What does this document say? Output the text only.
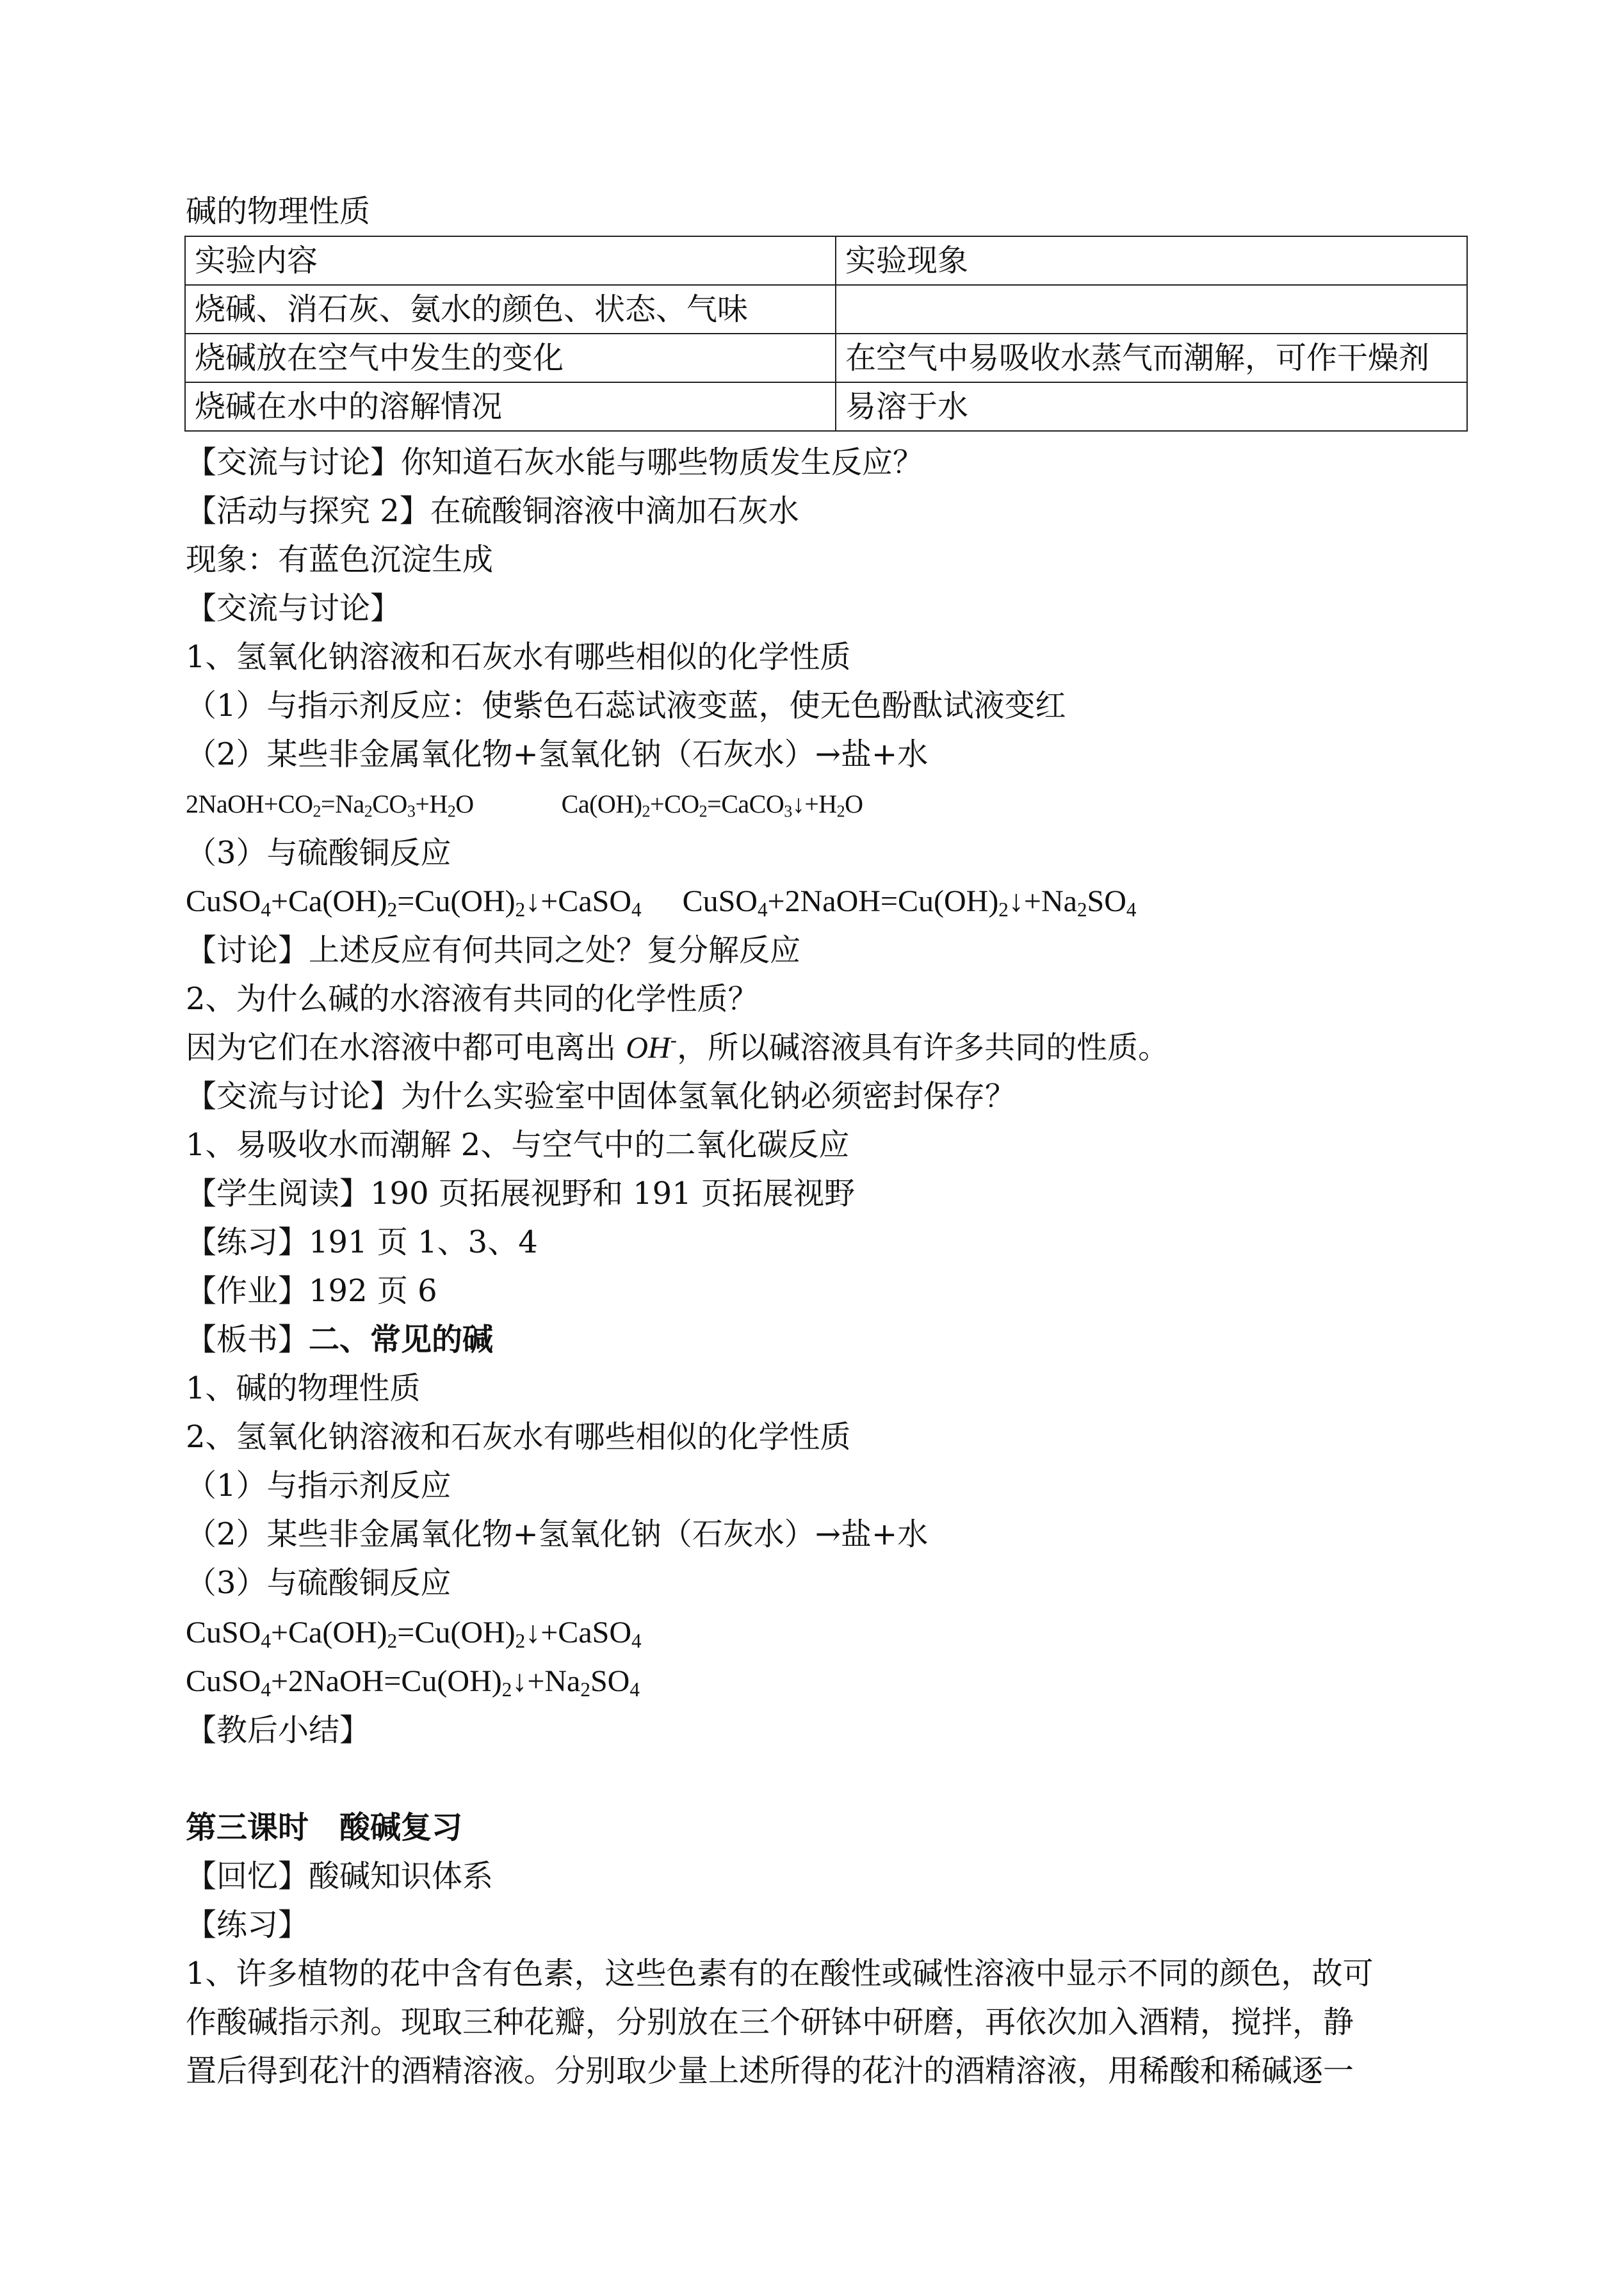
碱的物理性质
实验内容	实验现象
烧碱、消石灰、氨水的颜色、状态、气味	
烧碱放在空气中发生的变化	在空气中易吸收水蒸气而潮解，可作干燥剂
烧碱在水中的溶解情况	易溶于水
【交流与讨论】你知道石灰水能与哪些物质发生反应？
【活动与探究 2】在硫酸铜溶液中滴加石灰水
现象：有蓝色沉淀生成
【交流与讨论】
1、氢氧化钠溶液和石灰水有哪些相似的化学性质
（1）与指示剂反应：使紫色石蕊试液变蓝，使无色酚酞试液变红
（2）某些非金属氧化物+氢氧化钠（石灰水）→盐+水
$2NaOH+CO_2=Na_2CO_3+H_2O$	$Ca(OH)_2+CO_2=CaCO_3↓+H_2O$
（3）与硫酸铜反应
$CuSO_4+Ca(OH)_2=Cu(OH)_2↓+CaSO_4$ $CuSO_4+2NaOH=Cu(OH)_2↓+Na_2SO_4$
【讨论】上述反应有何共同之处？复分解反应
2、为什么碱的水溶液有共同的化学性质？
因为它们在水溶液中都可电离出 OH-，所以碱溶液具有许多共同的性质。
【交流与讨论】为什么实验室中固体氢氧化钠必须密封保存？
1、易吸收水而潮解 2、与空气中的二氧化碳反应
【学生阅读】190 页拓展视野和 191 页拓展视野
【练习】191 页 1、3、4
【作业】192 页 6
【板书】二、常见的碱
1、碱的物理性质
2、氢氧化钠溶液和石灰水有哪些相似的化学性质
（1）与指示剂反应
（2）某些非金属氧化物+氢氧化钠（石灰水）→盐+水
（3）与硫酸铜反应
$CuSO_4+Ca(OH)_2=Cu(OH)_2↓+CaSO_4$
$CuSO_4+2NaOH=Cu(OH)_2↓+Na_2SO_4$
【教后小结】
第三课时　酸碱复习
【回忆】酸碱知识体系
【练习】
1、许多植物的花中含有色素，这些色素有的在酸性或碱性溶液中显示不同的颜色，故可
作酸碱指示剂。现取三种花瓣，分别放在三个研钵中研磨，再依次加入酒精，搅拌，静
置后得到花汁的酒精溶液。分别取少量上述所得的花汁的酒精溶液，用稀酸和稀碱逐一
